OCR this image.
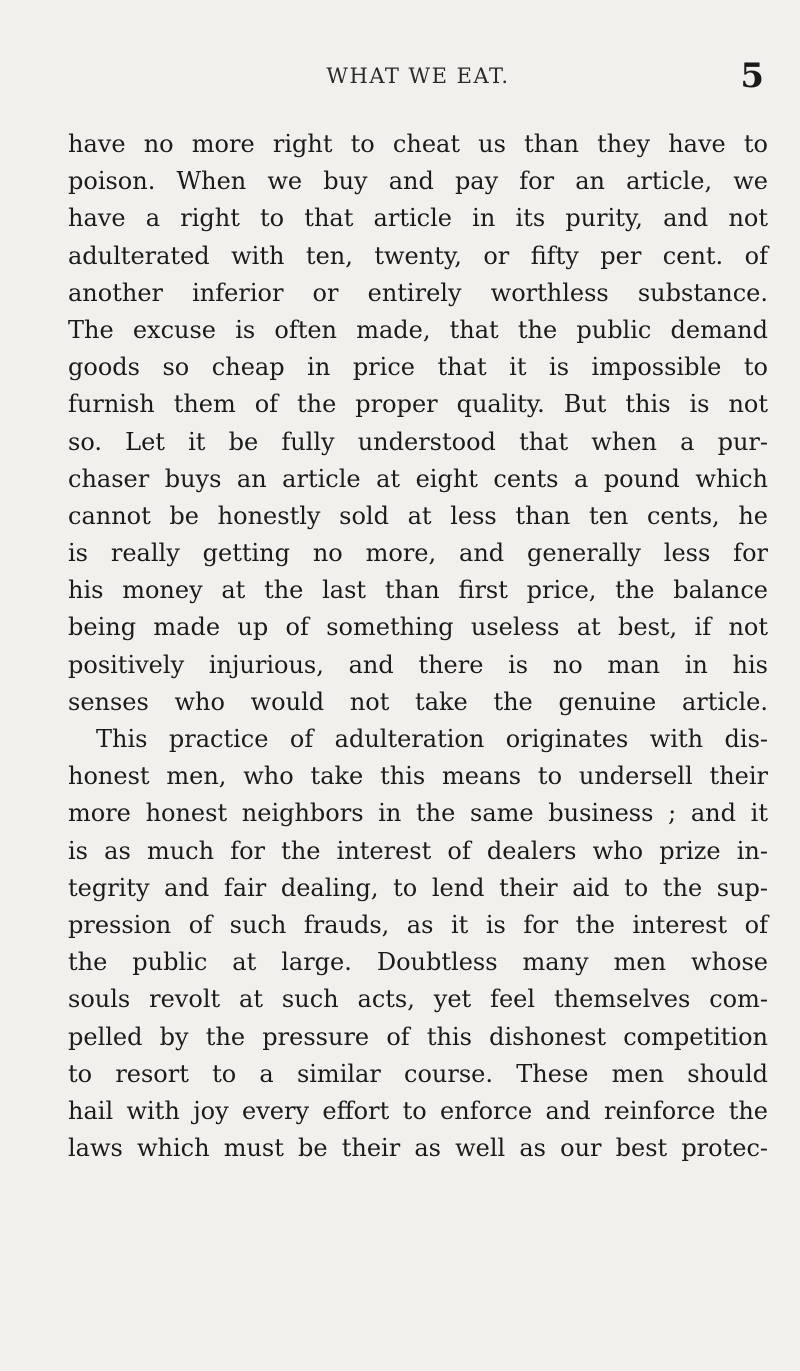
WHAT WE EAT.	5
have no more right to cheat us than they have to
poison. When we buy and pay for an article, we
have a right to that article in its purity, and not
adulterated with ten, twenty, or fifty per cent. of
another inferior or entirely worthless substance.
The excuse is often made, that the public demand
goods so cheap in price that it is impossible to
furnish them of the proper quality. But this is not
so. Let it be fully understood that when a pur-
chaser buys an article at eight cents a pound which
cannot be honestly sold at less than ten cents, he
is really getting no more, and generally less for
his money at the last than first price, the balance
being made up of something useless at best, if not
positively injurious, and there is no man in his
senses who would not take the genuine article.
This practice of adulteration originates with dis-
honest men, who take this means to undersell their
more honest neighbors in the same business ; and it
is as much for the interest of dealers who prize in-
tegrity and fair dealing, to lend their aid to the sup-
pression of such frauds, as it is for the interest of
the public at large. Doubtless many men whose
souls revolt at such acts, yet feel themselves com-
pelled by the pressure of this dishonest competition
to resort to a similar course. These men should
hail with joy every effort to enforce and reinforce the
laws which must be their as well as our best protec-
